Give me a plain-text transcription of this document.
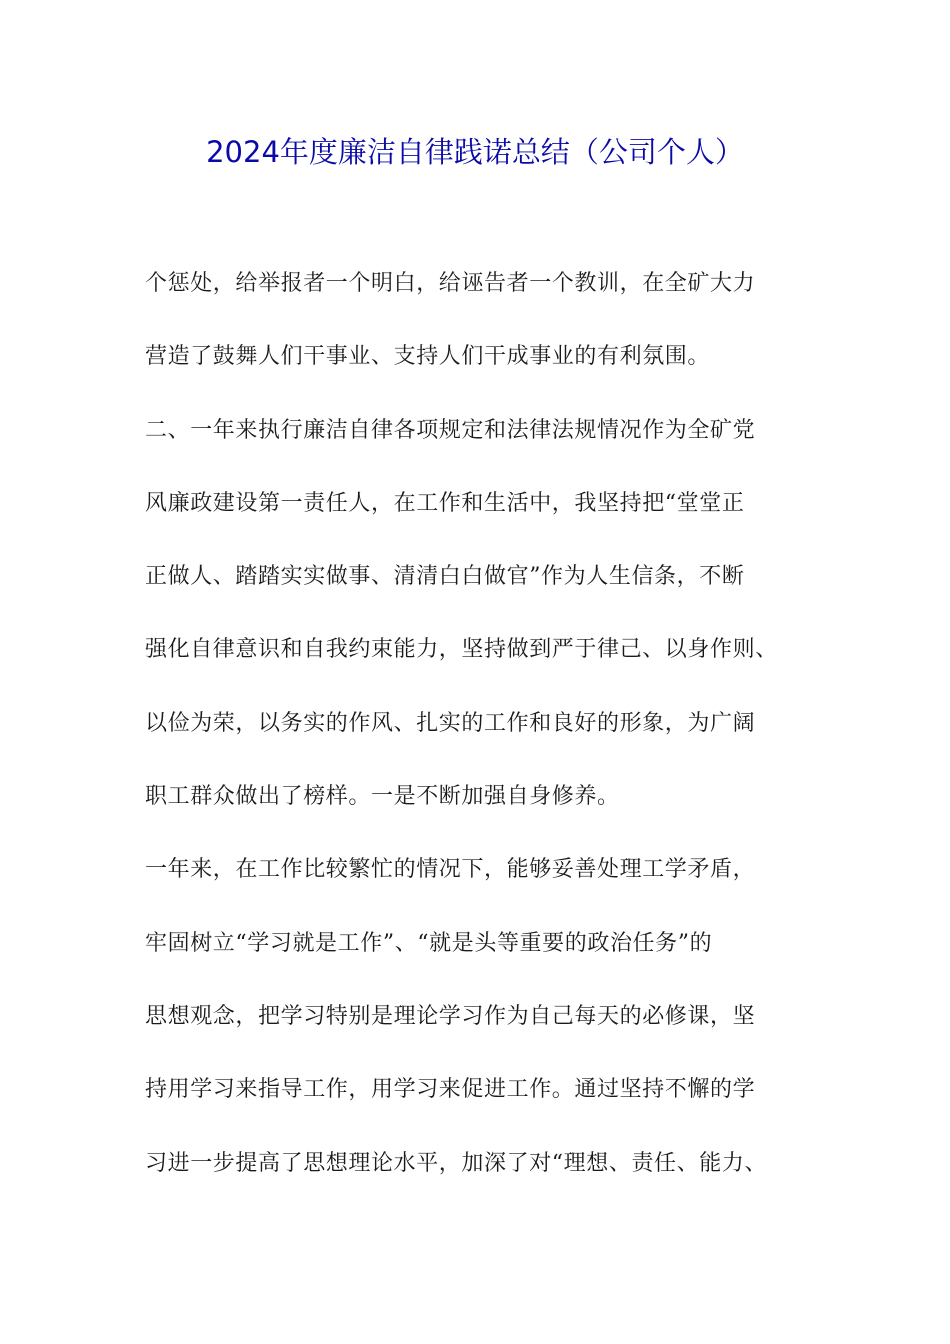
2024年度廉洁自律践诺总结（公司个人）
个惩处，给举报者一个明白，给诬告者一个教训，在全矿大力
营造了鼓舞人们干事业、支持人们干成事业的有利氛围。
二、一年来执行廉洁自律各项规定和法律法规情况作为全矿党
风廉政建设第一责任人，在工作和生活中，我坚持把“堂堂正
正做人、踏踏实实做事、清清白白做官”作为人生信条，不断
强化自律意识和自我约束能力，坚持做到严于律己、以身作则、
以俭为荣，以务实的作风、扎实的工作和良好的形象，为广阔
职工群众做出了榜样。一是不断加强自身修养。
一年来，在工作比较繁忙的情况下，能够妥善处理工学矛盾，
牢固树立“学习就是工作”、“就是头等重要的政治任务”的
思想观念，把学习特别是理论学习作为自己每天的必修课，坚
持用学习来指导工作，用学习来促进工作。通过坚持不懈的学
习进一步提高了思想理论水平，加深了对“理想、责任、能力、
